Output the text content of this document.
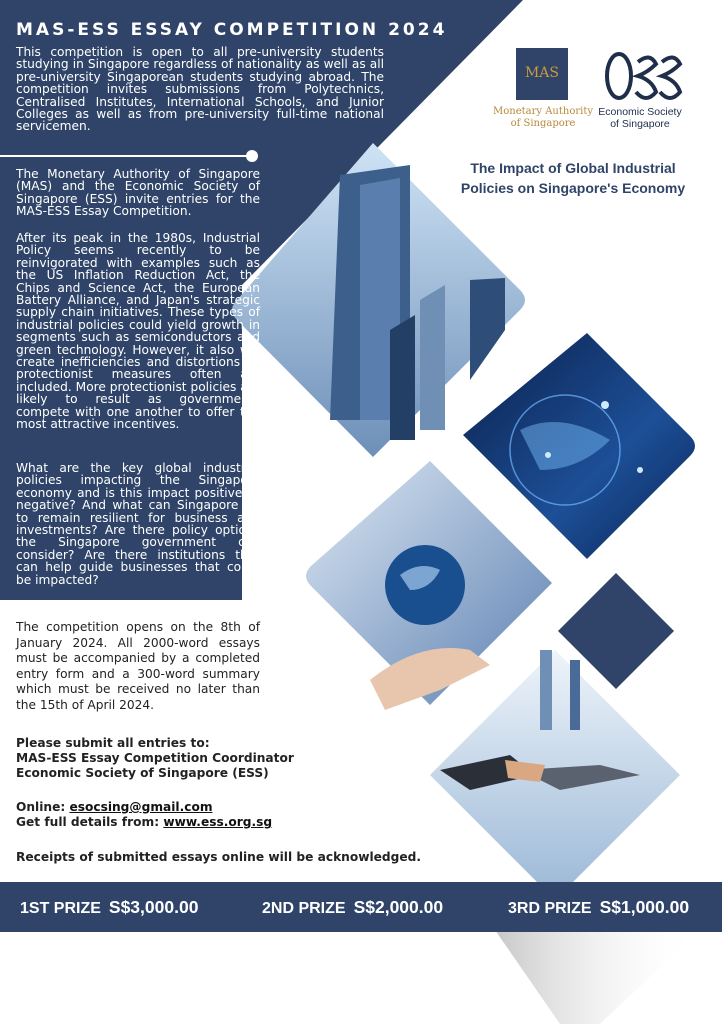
MAS-ESS ESSAY COMPETITION 2024

This competition is open to all pre-university students studying in Singapore regardless of nationality as well as all pre-university Singaporean students studying abroad. The competition invites submissions from Polytechnics, Centralised Institutes, International Schools, and Junior Colleges as well as from pre-university full-time national servicemen.

The Monetary Authority of Singapore (MAS) and the Economic Society of Singapore (ESS) invite entries for the MAS-ESS Essay Competition.

After its peak in the 1980s, Industrial Policy seems recently to be reinvigorated with examples such as the US Inflation Reduction Act, the Chips and Science Act, the European Battery Alliance, and Japan's strategic supply chain initiatives. These types of industrial policies could yield growth in segments such as semiconductors and green technology. However, it also will create inefficiencies and distortions as protectionist measures often are included. More protectionist policies are likely to result as governments compete with one another to offer the most attractive incentives.

What are the key global industrial policies impacting the Singapore economy and is this impact positive or negative? And what can Singapore do to remain resilient for business and investments? Are there policy options the Singapore government can consider? Are there institutions that can help guide businesses that could be impacted?

MAS
Monetary Authority
of Singapore
Economic Society
of Singapore
The Impact of Global Industrial Policies on Singapore's Economy

The competition opens on the 8th of January 2024. All 2000-word essays must be accompanied by a completed entry form and a 300-word summary which must be received no later than the 15th of April 2024.

Please submit all entries to:
MAS-ESS Essay Competition Coordinator
Economic Society of Singapore (ESS)
Online: esocsing@gmail.com
Get full details from: www.ess.org.sg
Receipts of submitted essays online will be acknowledged.
1ST PRIZE S$3,000.00	2ND PRIZE S$2,000.00	3RD PRIZE S$1,000.00
